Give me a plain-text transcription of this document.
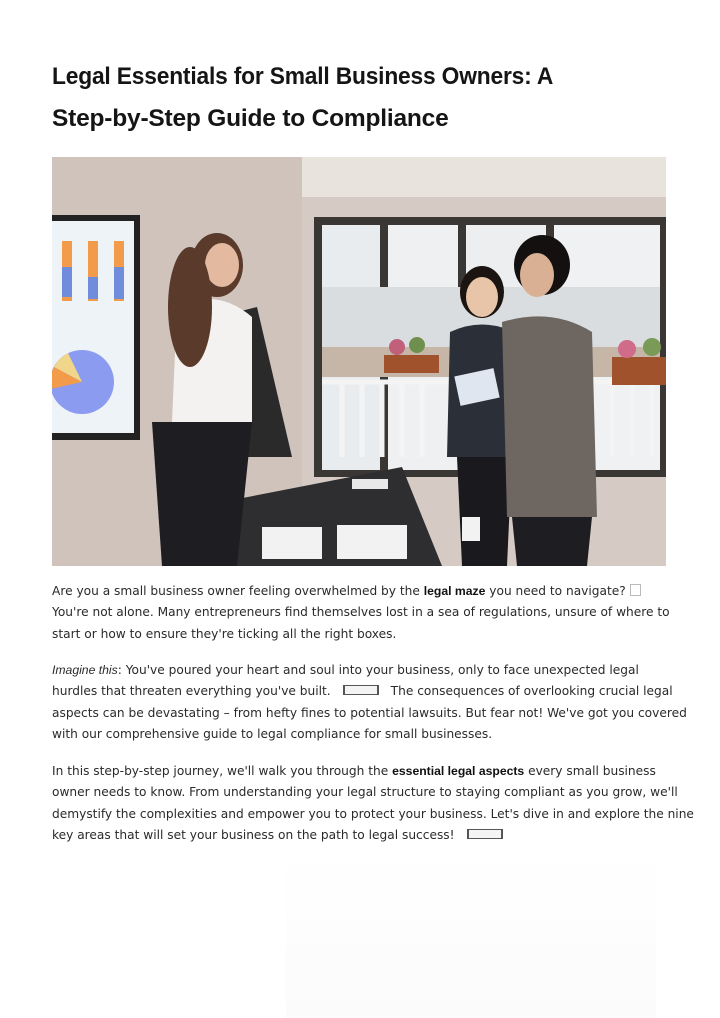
Legal Essentials for Small Business Owners: A
Step-by-Step Guide to Compliance
Are you a small business owner feeling overwhelmed by the legal maze you need to navigate?
You're not alone. Many entrepreneurs find themselves lost in a sea of regulations, unsure of where to
start or how to ensure they're ticking all the right boxes.
Imagine this: You've poured your heart and soul into your business, only to face unexpected legal
hurdles that threaten everything you've built.	The consequences of overlooking crucial legal
aspects can be devastating – from hefty fines to potential lawsuits. But fear not! We've got you covered
with our comprehensive guide to legal compliance for small businesses.
In this step-by-step journey, we'll walk you through the essential legal aspects every small business
owner needs to know. From understanding your legal structure to staying compliant as you grow, we'll
demystify the complexities and empower you to protect your business. Let's dive in and explore the nine
key areas that will set your business on the path to legal success!
